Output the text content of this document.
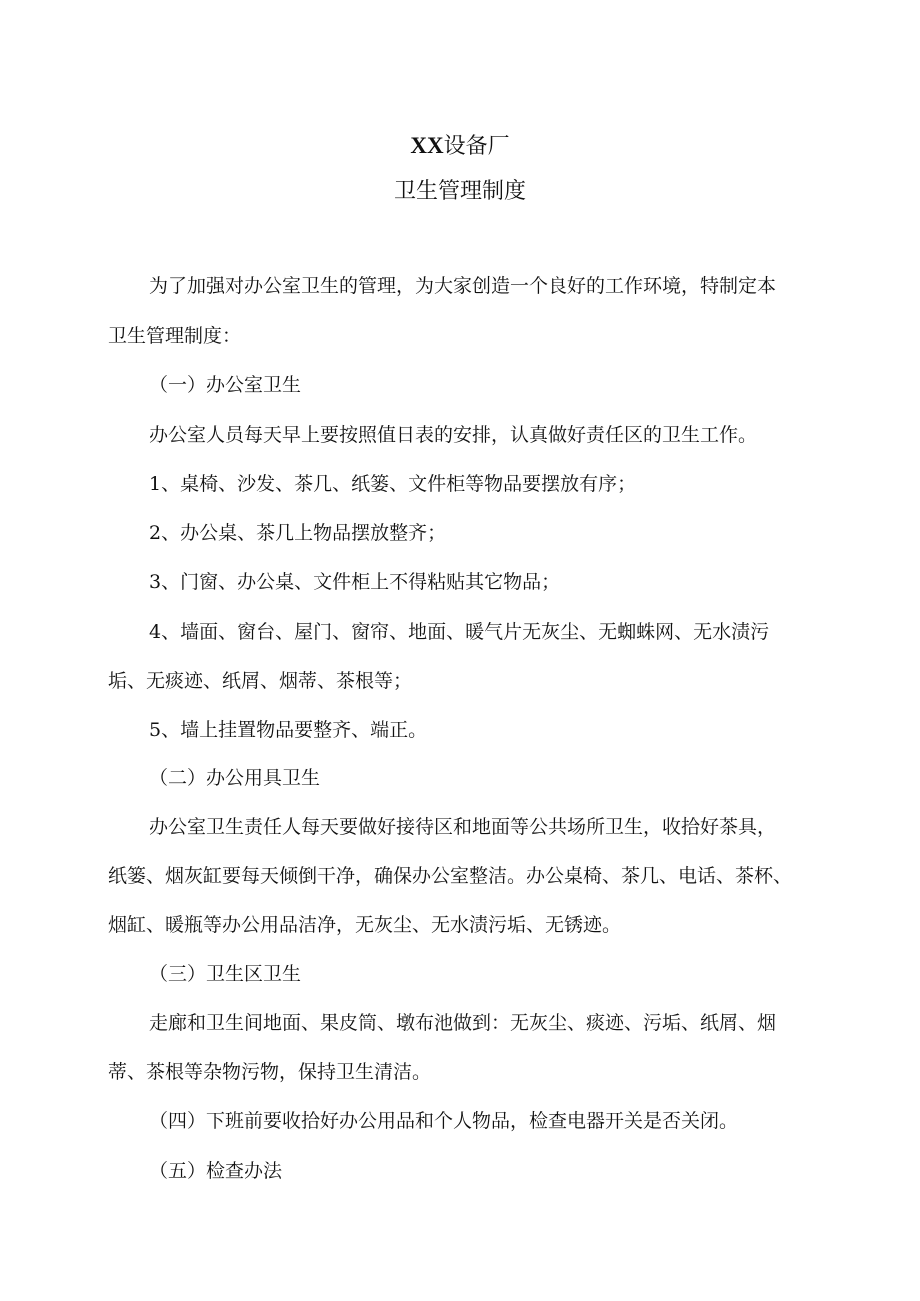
XX设备厂
卫生管理制度
为了加强对办公室卫生的管理，为大家创造一个良好的工作环境，特制定本
卫生管理制度：
（一）办公室卫生
办公室人员每天早上要按照值日表的安排，认真做好责任区的卫生工作。
1、桌椅、沙发、茶几、纸篓、文件柜等物品要摆放有序；
2、办公桌、茶几上物品摆放整齐；
3、门窗、办公桌、文件柜上不得粘贴其它物品；
4、墙面、窗台、屋门、窗帘、地面、暖气片无灰尘、无蜘蛛网、无水渍污
垢、无痰迹、纸屑、烟蒂、茶根等；
5、墙上挂置物品要整齐、端正。
（二）办公用具卫生
办公室卫生责任人每天要做好接待区和地面等公共场所卫生，收拾好茶具，
纸篓、烟灰缸要每天倾倒干净，确保办公室整洁。办公桌椅、茶几、电话、茶杯、
烟缸、暖瓶等办公用品洁净，无灰尘、无水渍污垢、无锈迹。
（三）卫生区卫生
走廊和卫生间地面、果皮筒、墩布池做到：无灰尘、痰迹、污垢、纸屑、烟
蒂、茶根等杂物污物，保持卫生清洁。
（四）下班前要收拾好办公用品和个人物品，检查电器开关是否关闭。
（五）检查办法
